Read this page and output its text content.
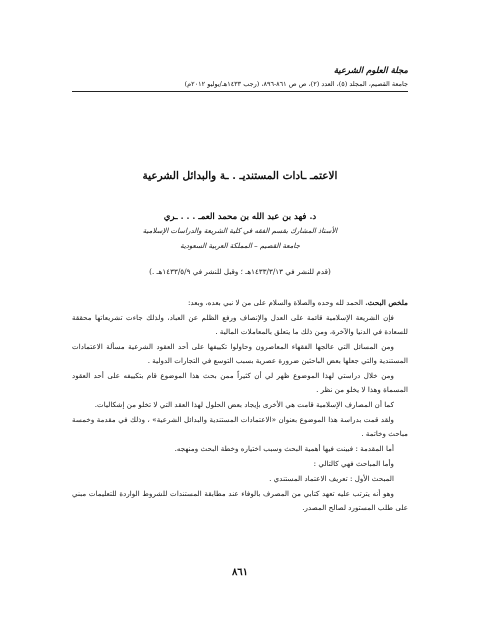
مجلة العلوم الشرعية

جامعة القصيم، المجلد (٥)، العدد (٢)، ص ص ٨٦١-٨٩٦، (رجب ١٤٣٣هـ/يوليو ٢٠١٢م)

الاعتمـ ـادات المستنديـ . ـة والبدائل الشرعية

د. فهد بن عبد الله بن محمد العمـ . . . ـري

الأستاذ المشارك بقسم الفقه في كلية الشريعة والدراسات الإسلامية

جامعة القصيم – المملكة العربية السعودية

(قدم للنشر في ١٤٣٣/٣/١٣هـ ؛ وقبل للنشر في ١٤٣٣/٥/٩هـ .)

ملخص البحث. الحمد لله وحده والصلاة والسلام على من لا نبي بعده، وبعد:

فإن الشريعة الإسلامية قائمة على العدل والإنصاف ورفع الظلم عن العباد، ولذلك جاءت تشريعاتها محققة للسعادة في الدنيا والآخرة، ومن ذلك ما يتعلق بالمعاملات المالية .

ومن المسائل التي عالجها الفقهاء المعاصرون وحاولوا تكييفها على أحد العقود الشرعية مسألة الاعتمادات المستندية والتي جعلها بعض الباحثين ضرورة عصرية بسبب التوسع في التجارات الدولية .

ومن خلال دراستي لهذا الموضوع ظهر لي أن كثيراً ممن بحث هذا الموضوع قام بتكييفه على أحد العقود المسماة وهذا لا يخلو من نظر .

كما أن المصارف الإسلامية قامت هي الأخرى بإيجاد بعض الحلول لهذا العقد التي لا تخلو من إشكاليات.

ولقد قمت بدراسة هذا الموضوع بعنوان «الاعتمادات المستندية والبدائل الشرعية» ، وذلك في مقدمة وخمسة مباحث وخاتمة .

أما المقدمة : فبينت فيها أهمية البحث وسبب اختياره وخطة البحث ومنهجه.

وأما المباحث فهي كالتالي :

المبحث الأول : تعريف الاعتماد المستندي .

وهو أنه يترتب عليه تعهد كتابي من المصرف بالوفاء عند مطابقة المستندات للشروط الواردة للتعليمات مبني على طلب المستورد لصالح المصدر.

٨٦١
